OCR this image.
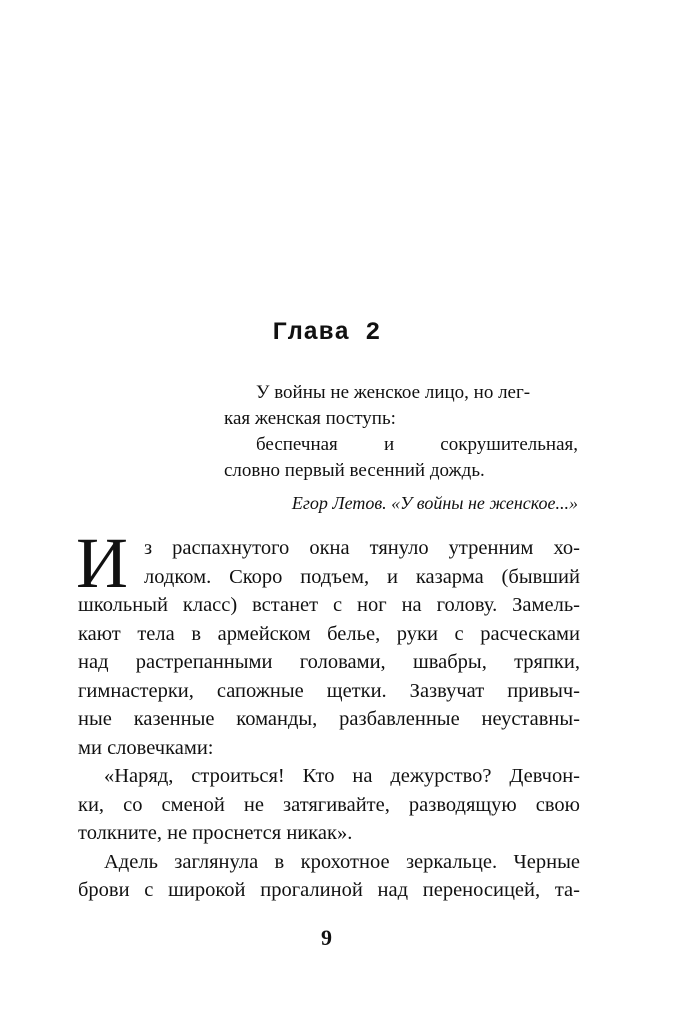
Глава 2
У войны не женское лицо, но лег-
кая женская поступь:
беспечная и сокрушительная,
словно первый весенний дождь.
Егор Летов. «У войны не женское...»
И з распахнутого окна тянуло утренним хо-
лодком. Скоро подъем, и казарма (бывший
школьный класс) встанет с ног на голову. Замель-
кают тела в армейском белье, руки с расческами
над растрепанными головами, швабры, тряпки,
гимнастерки, сапожные щетки. Зазвучат привыч-
ные казенные команды, разбавленные неуставны-
ми словечками:
«Наряд, строиться! Кто на дежурство? Девчон-
ки, со сменой не затягивайте, разводящую свою
толкните, не проснется никак».
Адель заглянула в крохотное зеркальце. Черные
брови с широкой прогалиной над переносицей, та-
9
